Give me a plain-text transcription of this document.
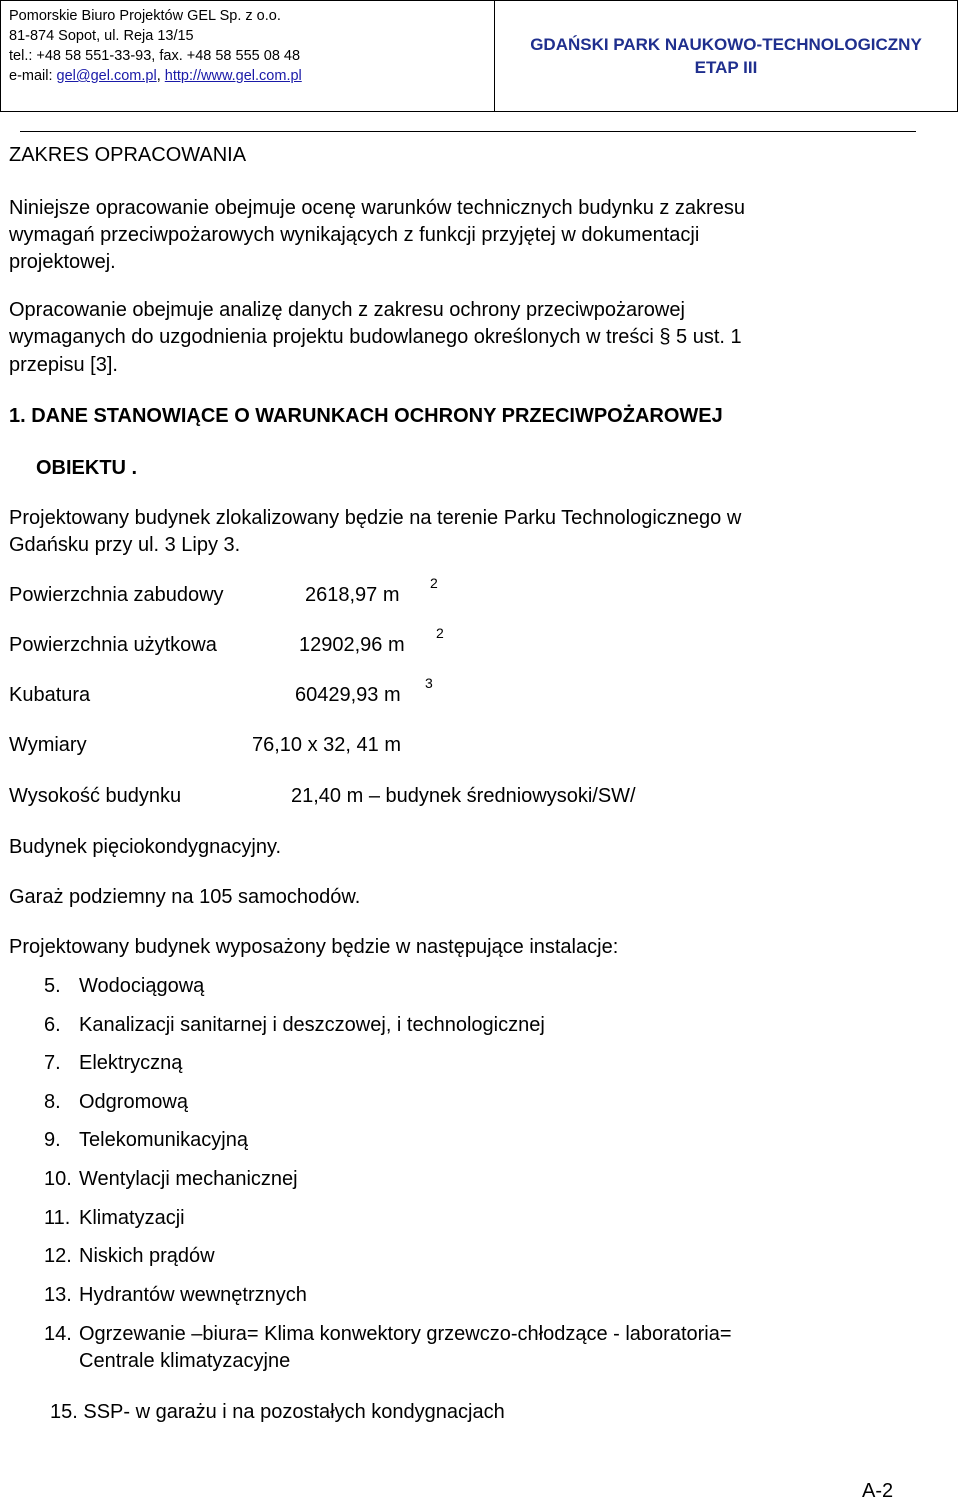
Pomorskie Biuro Projektów GEL Sp. z o.o.
81-874 Sopot, ul. Reja 13/15
tel.: +48 58 551-33-93, fax. +48 58 555 08 48
e-mail: gel@gel.com.pl, http://www.gel.com.pl
GDAŃSKI PARK NAUKOWO-TECHNOLOGICZNY
ETAP III
ZAKRES OPRACOWANIA
Niniejsze opracowanie obejmuje ocenę warunków technicznych budynku z zakresu
wymagań przeciwpożarowych wynikających z funkcji przyjętej w dokumentacji
projektowej.
Opracowanie obejmuje analizę danych z zakresu ochrony przeciwpożarowej
wymaganych do uzgodnienia projektu budowlanego określonych w treści § 5 ust. 1
przepisu [3].
1. DANE STANOWIĄCE O WARUNKACH OCHRONY PRZECIWPOŻAROWEJ
OBIEKTU .
Projektowany budynek zlokalizowany będzie na terenie Parku Technologicznego w
Gdańsku przy ul. 3 Lipy 3.
Powierzchnia zabudowy	2618,97 m
2
Powierzchnia użytkowa	12902,96 m
2
Kubatura	60429,93 m
3
Wymiary	76,10 x 32, 41 m
Wysokość budynku	21,40 m – budynek średniowysoki/SW/
Budynek pięciokondygnacyjny.
Garaż podziemny na 105 samochodów.
Projektowany budynek wyposażony będzie w następujące instalacje:
5. Wodociągową
6. Kanalizacji sanitarnej i deszczowej, i technologicznej
7. Elektryczną
8. Odgromową
9. Telekomunikacyjną
10. Wentylacji mechanicznej
11. Klimatyzacji
12. Niskich prądów
13. Hydrantów wewnętrznych
14. Ogrzewanie –biura= Klima konwektory grzewczo-chłodzące - laboratoria=
Centrale klimatyzacyjne
15. SSP- w garażu i na pozostałych kondygnacjach
A-2
